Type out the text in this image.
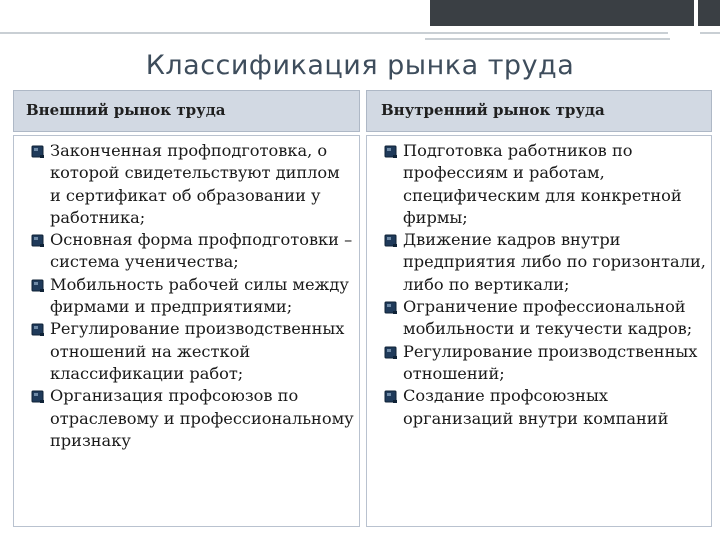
Классификация рынка труда
Внешний рынок труда	Внутренний рынок труда
Законченная профподготовка, о которой свидетельствуют диплом и сертификат об образовании у работника;
Основная форма профподготовки – система ученичества;
Мобильность рабочей силы между фирмами и предприятиями;
Регулирование производственных отношений на жесткой классификации работ;
Организация профсоюзов по отраслевому и профессиональному признаку
Подготовка работников по профессиям и работам, специфическим для конкретной фирмы;
Движение кадров внутри предприятия либо по горизонтали, либо по вертикали;
Ограничение профессиональной мобильности и текучести кадров;
Регулирование производственных отношений;
Создание профсоюзных организаций внутри компаний
